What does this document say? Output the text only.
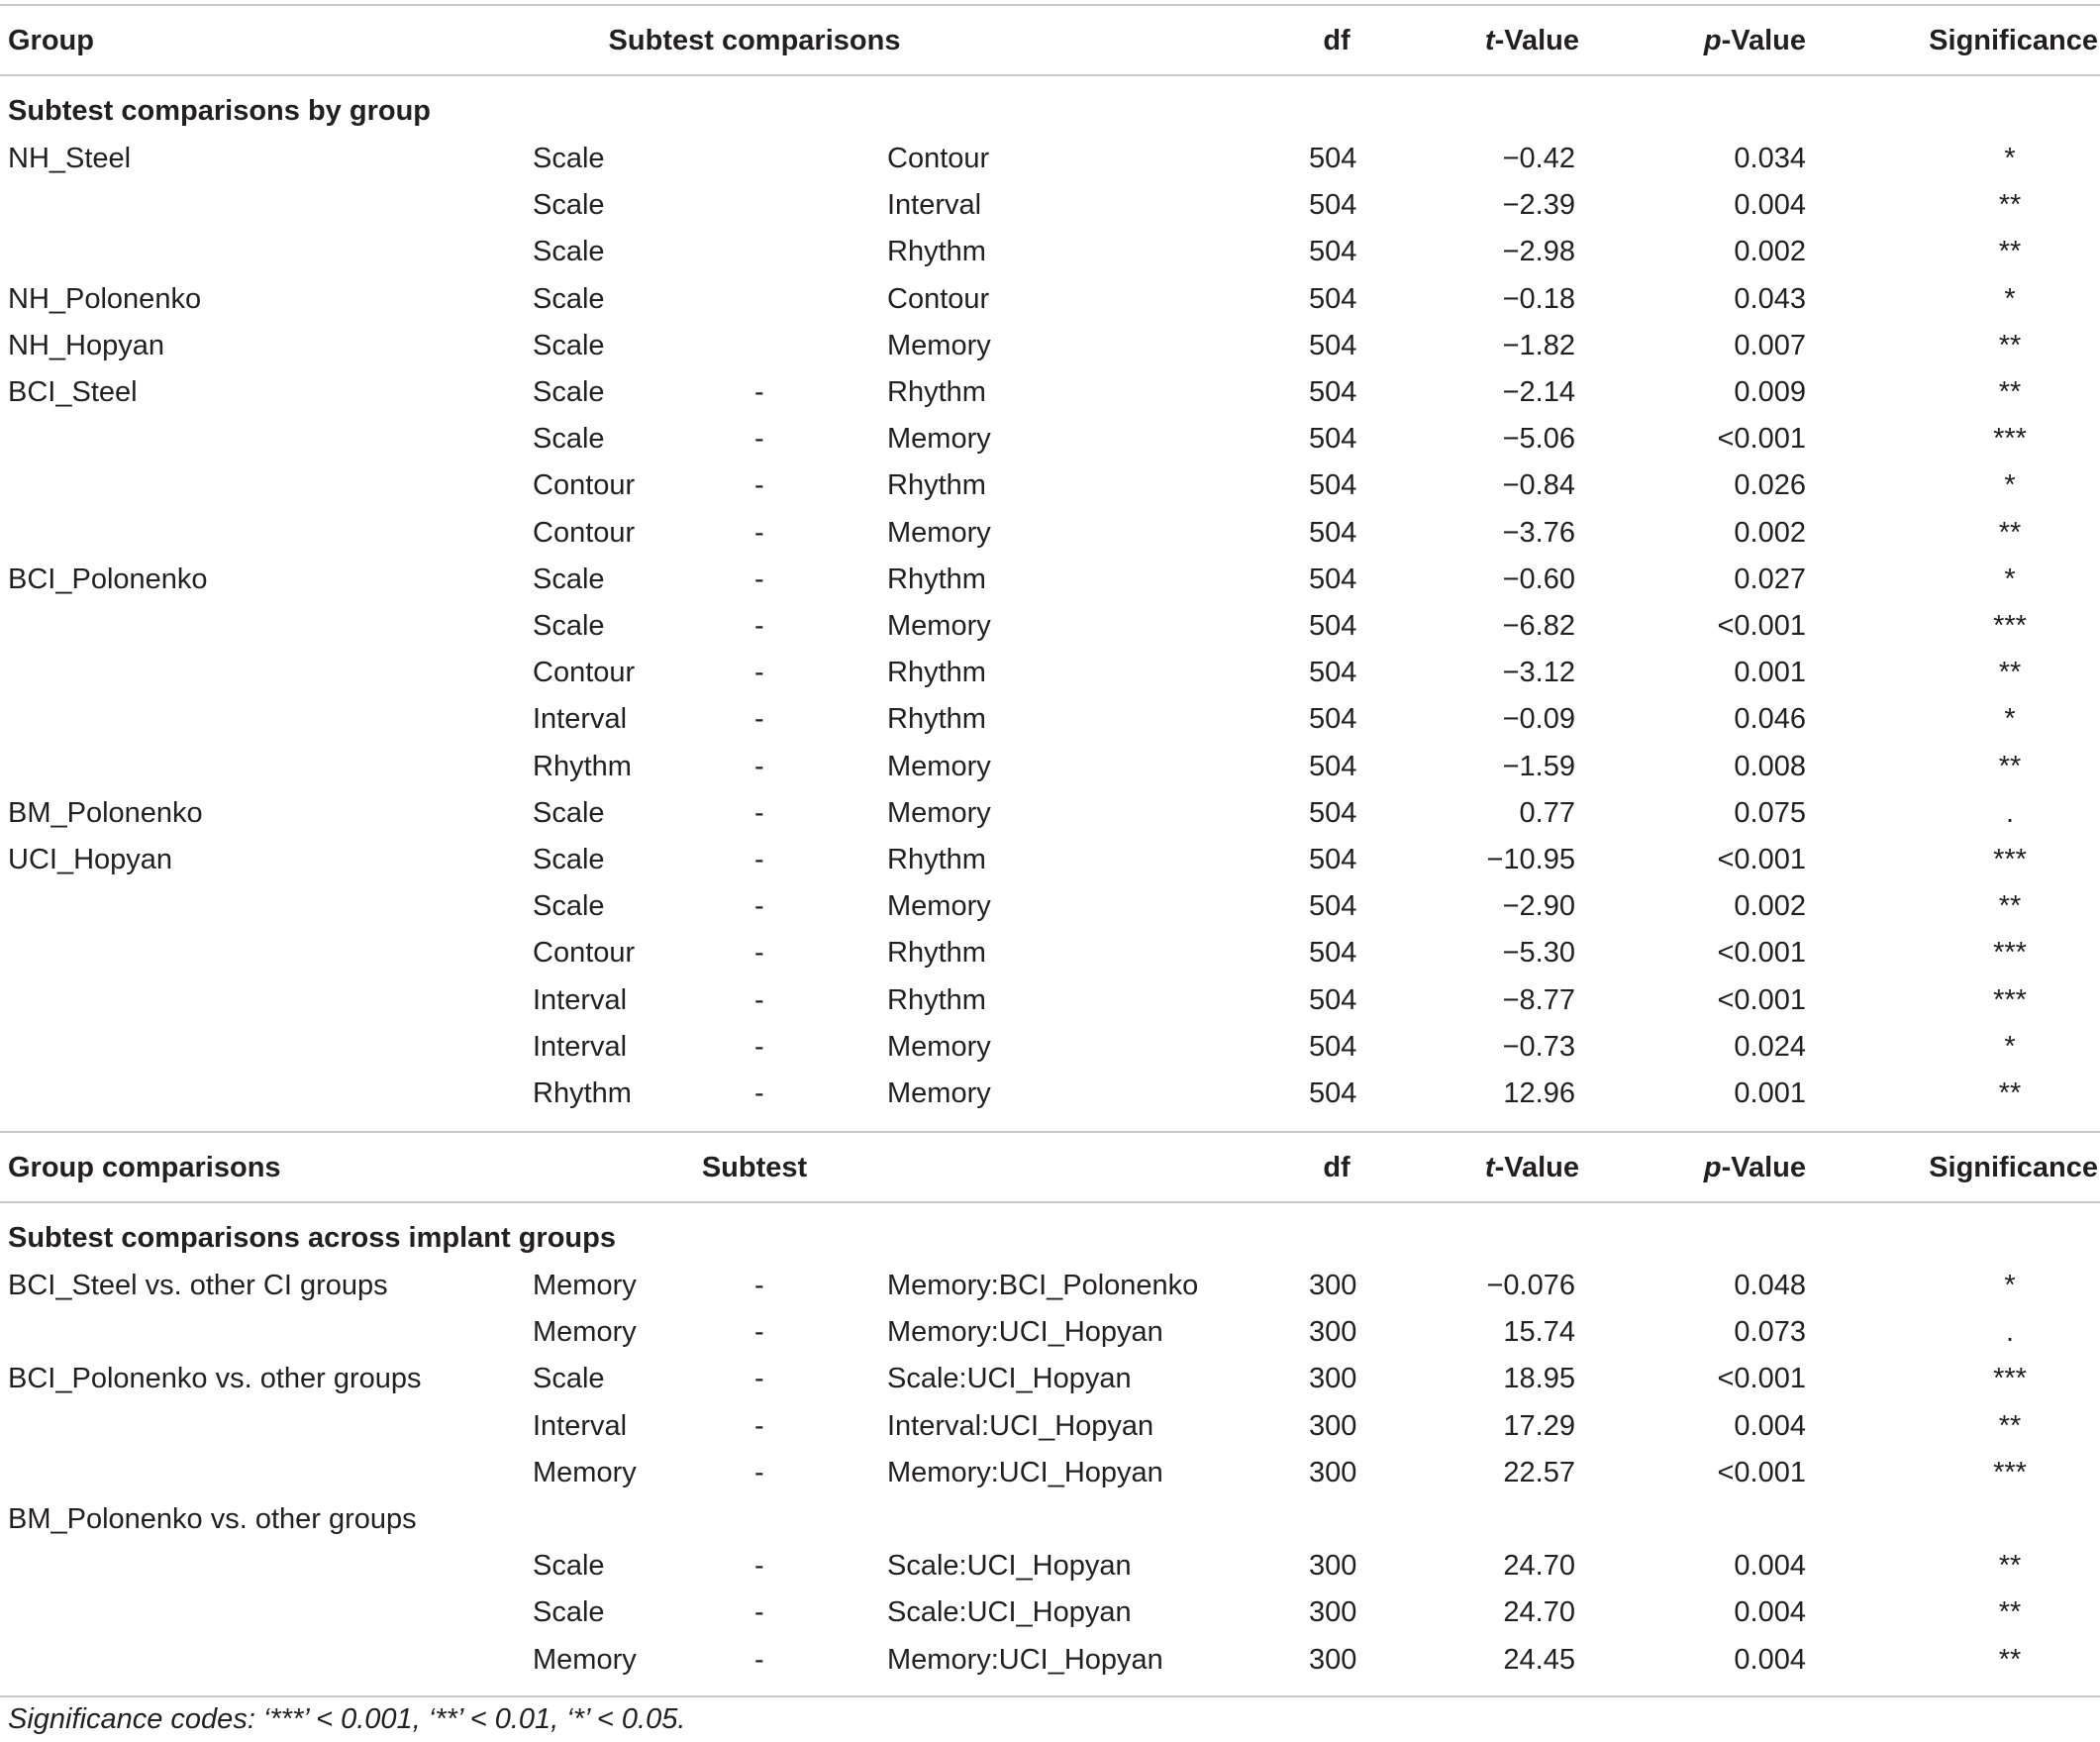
Group	Subtest comparisons	df	t-Value	p-Value	Significance
Subtest comparisons by group
NH_Steel	Scale	Contour	504	−0.42	0.034	*
Scale	Interval	504	−2.39	0.004	**
Scale	Rhythm	504	−2.98	0.002	**
NH_Polonenko	Scale	Contour	504	−0.18	0.043	*
NH_Hopyan	Scale	Memory	504	−1.82	0.007	**
BCI_Steel	Scale	-	Rhythm	504	−2.14	0.009	**
Scale	-	Memory	504	−5.06	<0.001	***
Contour	-	Rhythm	504	−0.84	0.026	*
Contour	-	Memory	504	−3.76	0.002	**
BCI_Polonenko	Scale	-	Rhythm	504	−0.60	0.027	*
Scale	-	Memory	504	−6.82	<0.001	***
Contour	-	Rhythm	504	−3.12	0.001	**
Interval	-	Rhythm	504	−0.09	0.046	*
Rhythm	-	Memory	504	−1.59	0.008	**
BM_Polonenko	Scale	-	Memory	504	0.77	0.075	.
UCI_Hopyan	Scale	-	Rhythm	504	−10.95	<0.001	***
Scale	-	Memory	504	−2.90	0.002	**
Contour	-	Rhythm	504	−5.30	<0.001	***
Interval	-	Rhythm	504	−8.77	<0.001	***
Interval	-	Memory	504	−0.73	0.024	*
Rhythm	-	Memory	504	12.96	0.001	**
Group comparisons	Subtest	df	t-Value	p-Value	Significance
Subtest comparisons across implant groups
BCI_Steel vs. other CI groups	Memory	-	Memory:BCI_Polonenko	300	−0.076	0.048	*
Memory	-	Memory:UCI_Hopyan	300	15.74	0.073	.
BCI_Polonenko vs. other groups	Scale	-	Scale:UCI_Hopyan	300	18.95	<0.001	***
Interval	-	Interval:UCI_Hopyan	300	17.29	0.004	**
Memory	-	Memory:UCI_Hopyan	300	22.57	<0.001	***
BM_Polonenko vs. other groups
Scale	-	Scale:UCI_Hopyan	300	24.70	0.004	**
Scale	-	Scale:UCI_Hopyan	300	24.70	0.004	**
Memory	-	Memory:UCI_Hopyan	300	24.45	0.004	**
Significance codes: ‘***’ < 0.001, ‘**’ < 0.01, ‘*’ < 0.05.
